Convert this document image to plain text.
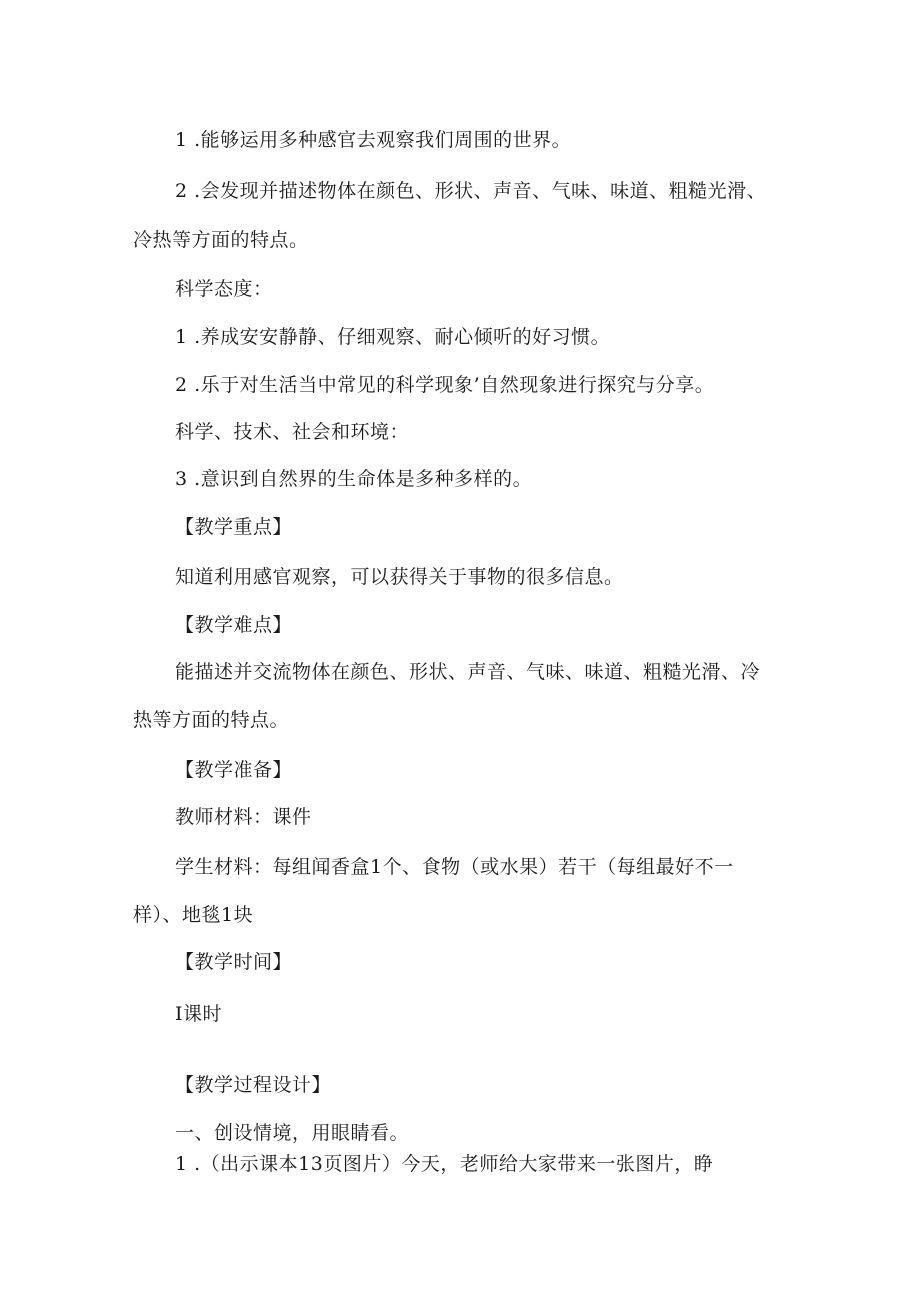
1 .能够运用多种感官去观察我们周围的世界。

2 .会发现并描述物体在颜色、形状、声音、气味、味道、粗糙光滑、

冷热等方面的特点。

科学态度：

1 .养成安安静静、仔细观察、耐心倾听的好习惯。

2 .乐于对生活当中常见的科学现象’自然现象进行探究与分享。

科学、技术、社会和环境：

3 .意识到自然界的生命体是多种多样的。

【教学重点】

知道利用感官观察，可以获得关于事物的很多信息。

【教学难点】

能描述并交流物体在颜色、形状、声音、气味、味道、粗糙光滑、冷

热等方面的特点。

【教学准备】

教师材料：课件

学生材料：每组闻香盒1个、食物（或水果）若干（每组最好不一

样）、地毯1块

【教学时间】

I课时

【教学过程设计】

一、创设情境，用眼睛看。

1 .（出示课本13页图片）今天，老师给大家带来一张图片，睁
